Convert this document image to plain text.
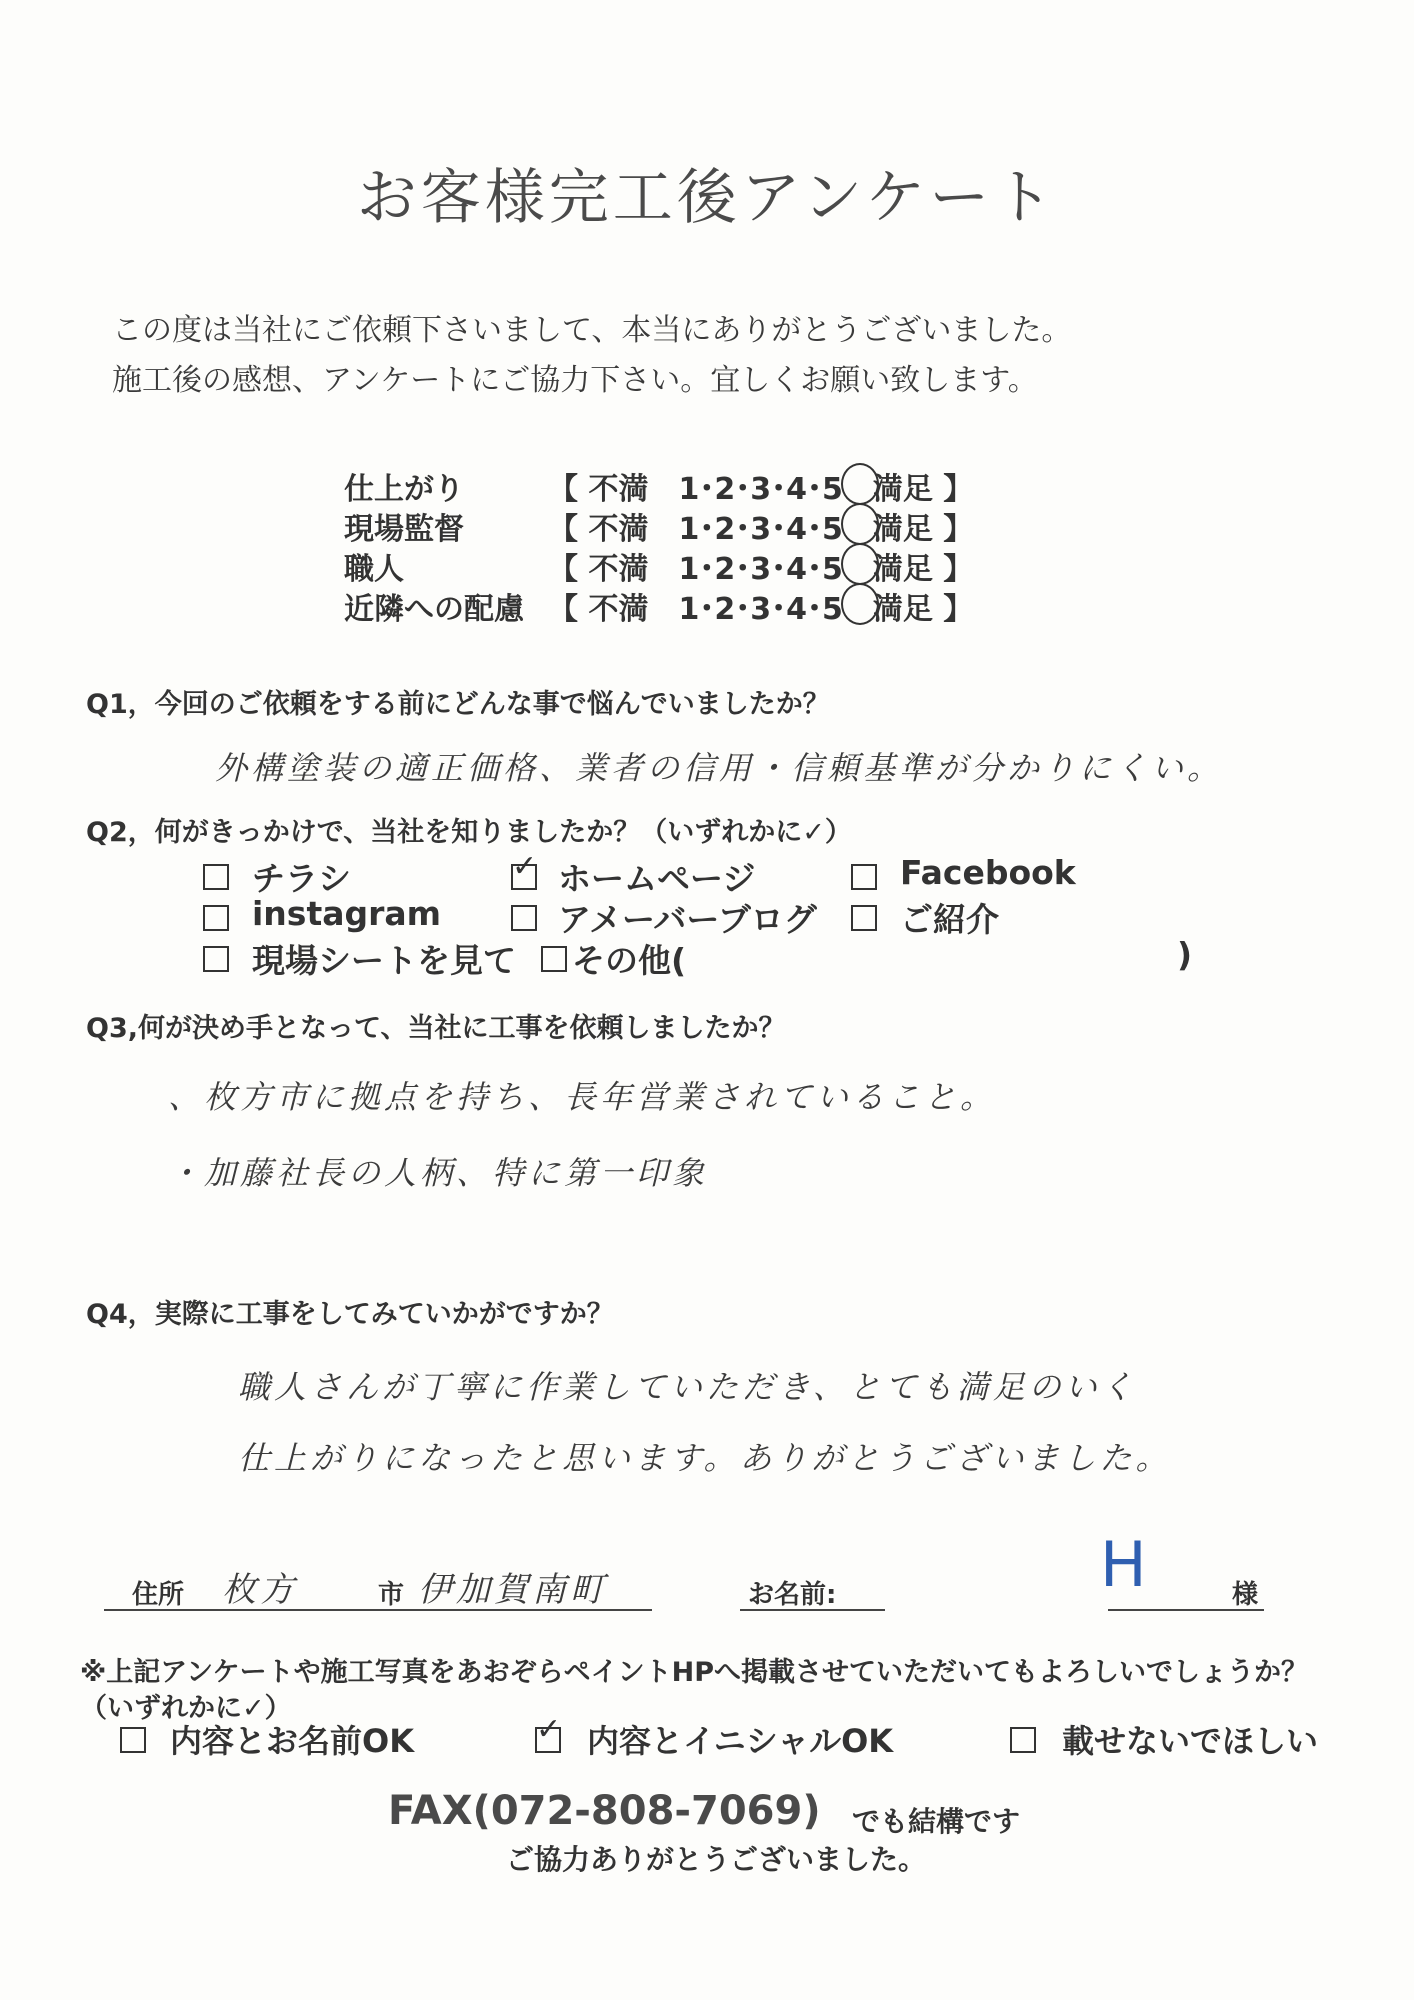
お客様完工後アンケート
この度は当社にご依頼下さいまして、本当にありがとうございました。
施工後の感想、アンケートにご協力下さい。宜しくお願い致します。
仕上がり	【 不満　1･2･3･4･5　満足 】
現場監督	【 不満　1･2･3･4･5　満足 】
職人	【 不満　1･2･3･4･5　満足 】
近隣への配慮 【 不満　1･2･3･4･5　満足 】
Q1，今回のご依頼をする前にどんな事で悩んでいましたか？
外構塗装の適正価格、業者の信用・信頼基準が分かりにくい。
Q2，何がきっかけで、当社を知りましたか？（いずれかに✓）
チラシ	✓ ホームページ	Facebook
instagram	アメーバーブログ	ご紹介
現場シートを見て その他(	)
Q3,何が決め手となって、当社に工事を依頼しましたか？
、枚方市に拠点を持ち、長年営業されていること。
・加藤社長の人柄、特に第一印象
Q4，実際に工事をしてみていかがですか？
職人さんが丁寧に作業していただき、とても満足のいく
仕上がりになったと思います。ありがとうございました。
住所 枚方	市 伊加賀南町	お名前:	H	様
※上記アンケートや施工写真をあおぞらペイントHPへ掲載させていただいてもよろしいでしょうか？
（いずれかに✓）
内容とお名前OK	✓ 内容とイニシャルOK	載せないでほしい
FAX(072-808-7069) でも結構です
ご協力ありがとうございました。
